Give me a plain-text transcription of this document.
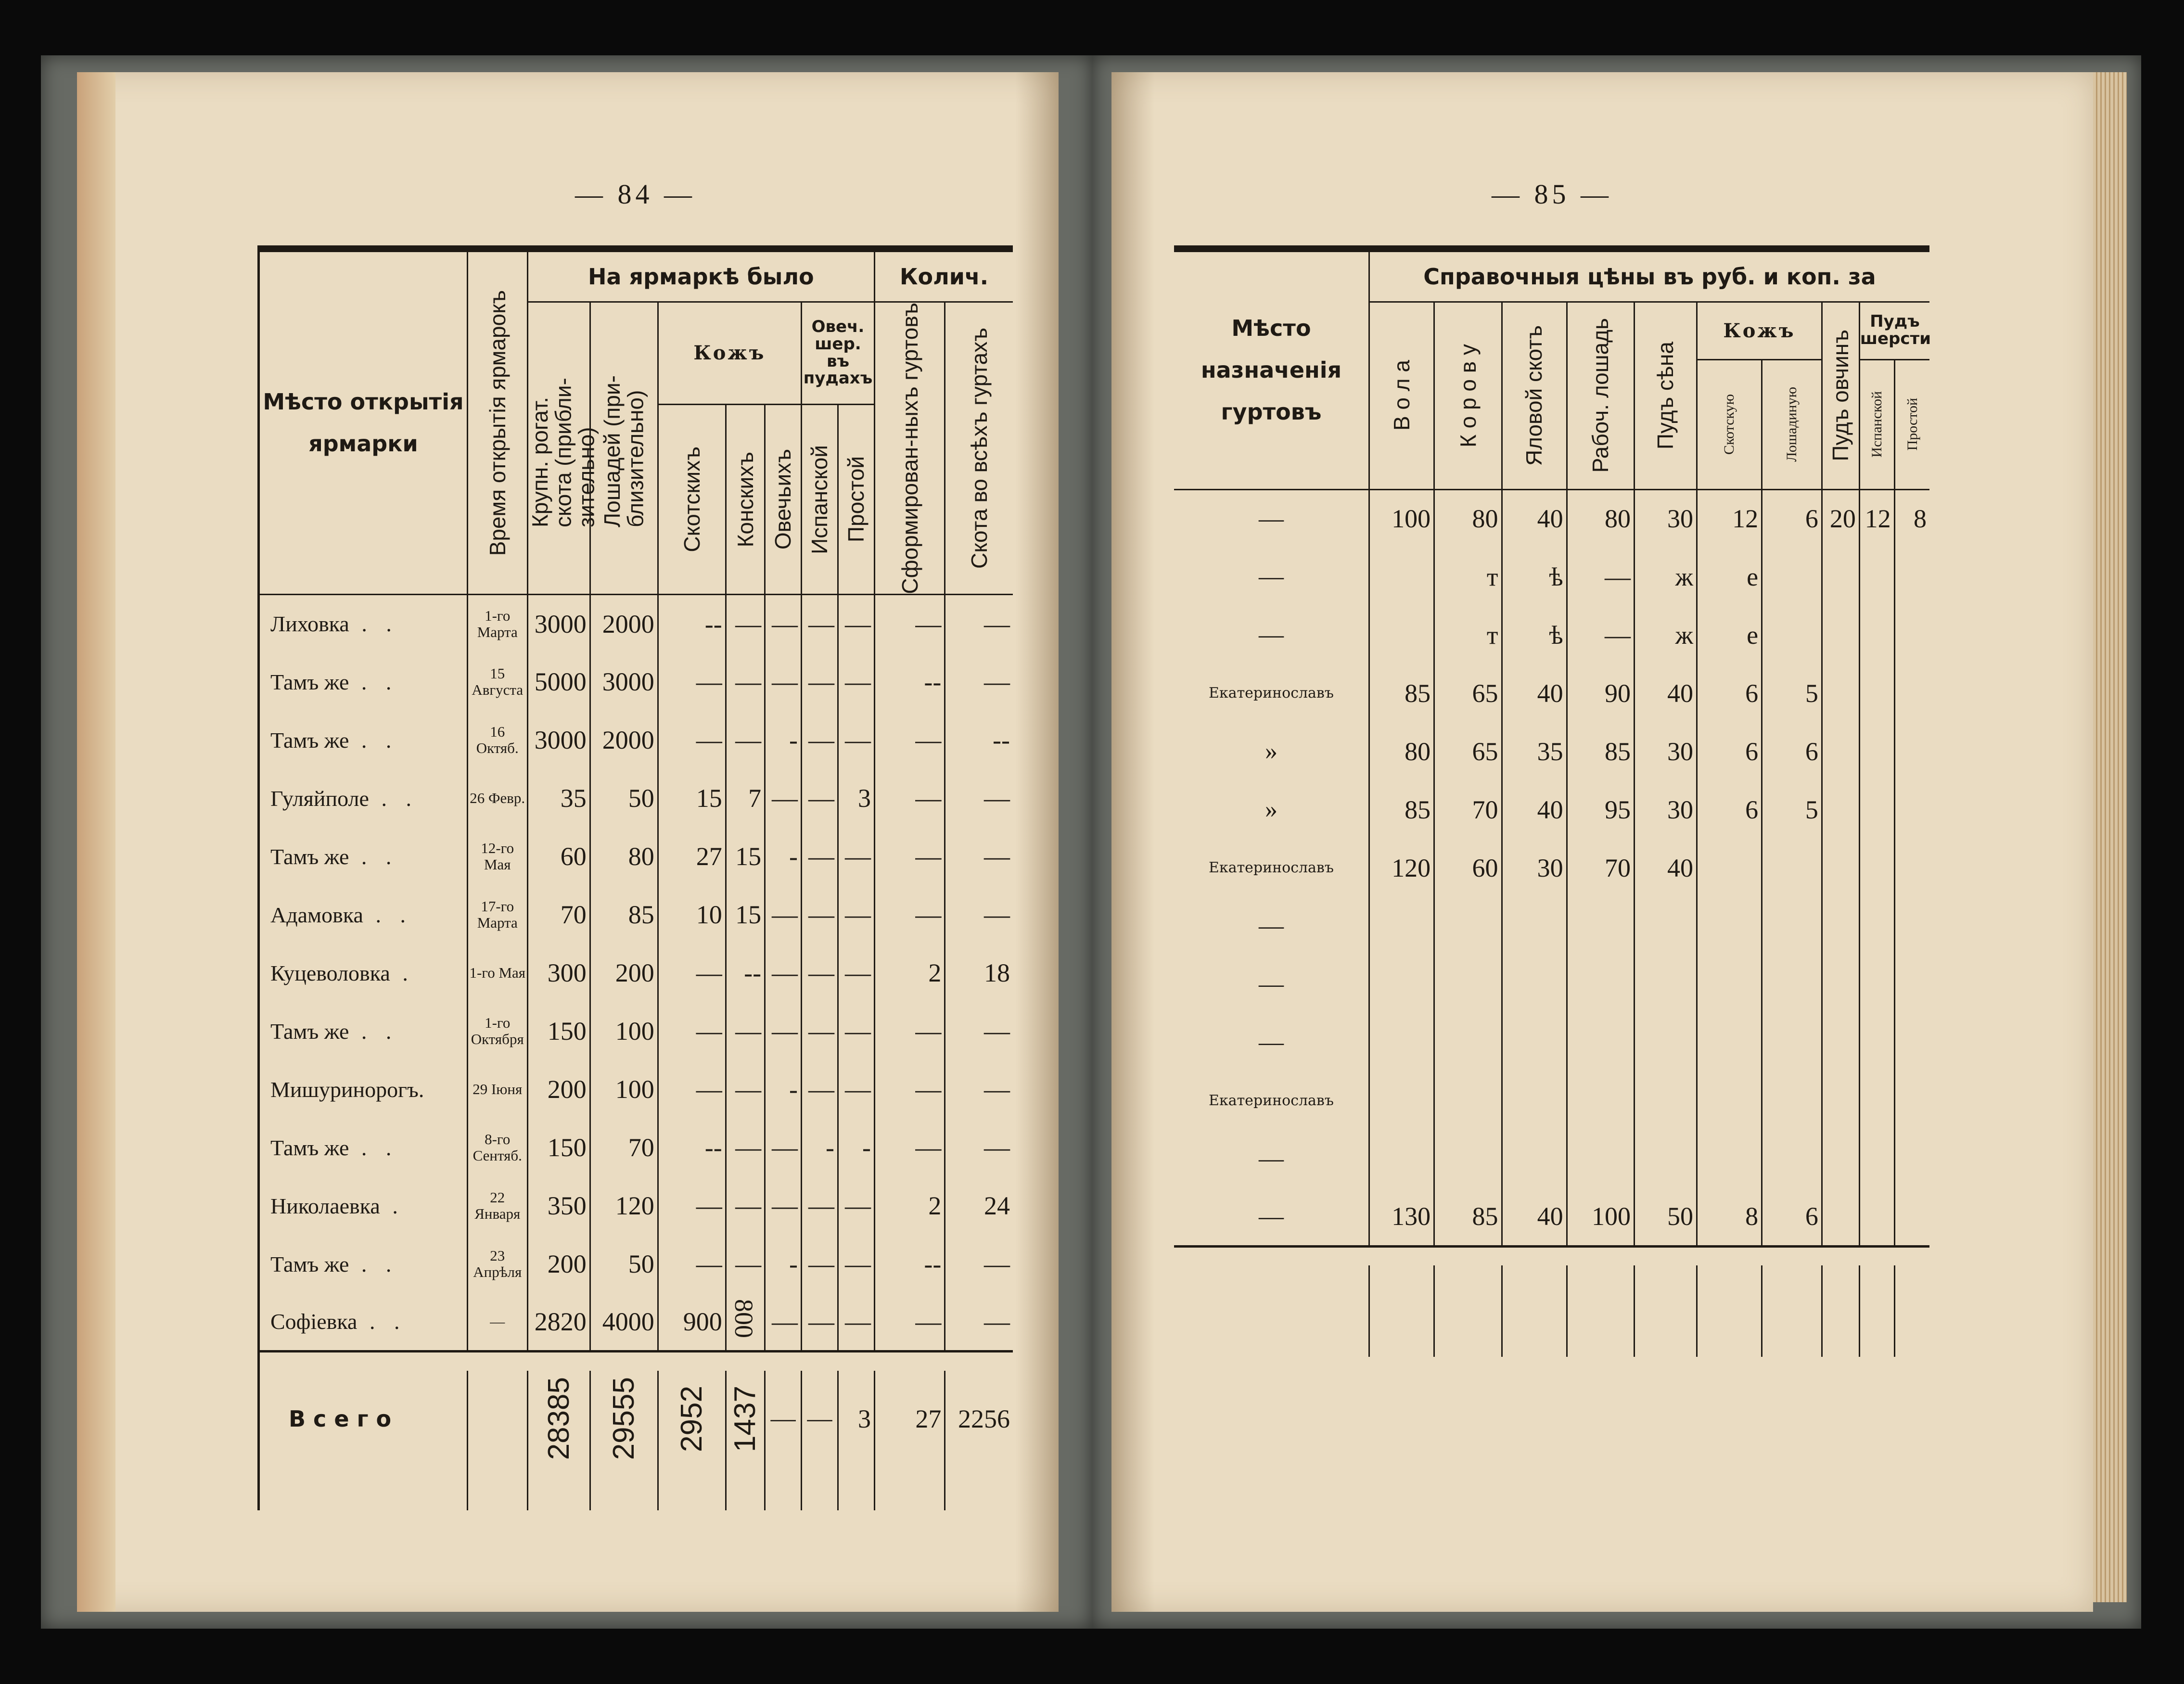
— 84 —	— 85 —
Мѣсто открытія ярмарки	Время открытія ярмарокъ	На ярмаркѣ было							Колич.	

		Крупн. рогат. скота (прибли-зительно)	Лошадей (при-близительно)	Кожъ			Овеч. шер. въ пудахъ		Сформирован-ныхъ гуртовъ	Скота во всѣхъ гуртахъ

				Скотскихъ	Конскихъ	Овечьихъ	Испанской	Простой		

Лиховка . .	1-го Марта	3000	2000	--	—	—	—	—	—	—
Тамъ же . .	15 Августа	5000	3000	—	—	—	—	—	--	—
Тамъ же . .	16 Октяб.	3000	2000	—	—	-	—	—	—	--
Гуляйполе . .	26 Февр.	35	50	15	7	—	—	3	—	—
Тамъ же . .	12-го Мая	60	80	27	15	-	—	—	—	—
Адамовка . .	17-го Марта	70	85	10	15	—	—	—	—	—
Куцеволовка .	1-го Мая	300	200	—	--	—	—	—	2	18
Тамъ же . .	1-го Октября	150	100	—	—	—	—	—	—	—
Мишуринорогъ.	29 Іюня	200	100	—	—	-	—	—	—	—
Тамъ же . .	8-го Сентяб.	150	70	--	—	—	-	-	—	—
Николаевка .	22 Января	350	120	—	—	—	—	—	2	24
Тамъ же . .	23 Апрѣля	200	50	—	—	-	—	—	--	—
Софіевка . .	—	2820	4000	900	800	—	—	—	—	—

Всего		28385	29555	2952	1437	—	—	3	27	2256

Мѣсто назначенія гуртовъ	Справочныя цѣны въ руб. и коп. за									

	В о л а	К о р о в у	Яловой скотъ	Рабоч. лошадь	Пудъ сѣна	Кожъ		Пудъ овчинъ	Пудъ шерсти	

						Скотскую	Лошадиную		Испанской	Простой

—	100	80	40	80	30	12	6	20	12	8
—		т	ѣ	—	ж	е				
—		т	ѣ	—	ж	е				
Екатеринославъ	85	65	40	90	40	6	5			
»	80	65	35	85	30	6	6			
»	85	70	40	95	30	6	5			
Екатеринославъ	120	60	30	70	40					
—										
—										
—										
Екатеринославъ										
—										
—	130	85	40	100	50	8	6			
